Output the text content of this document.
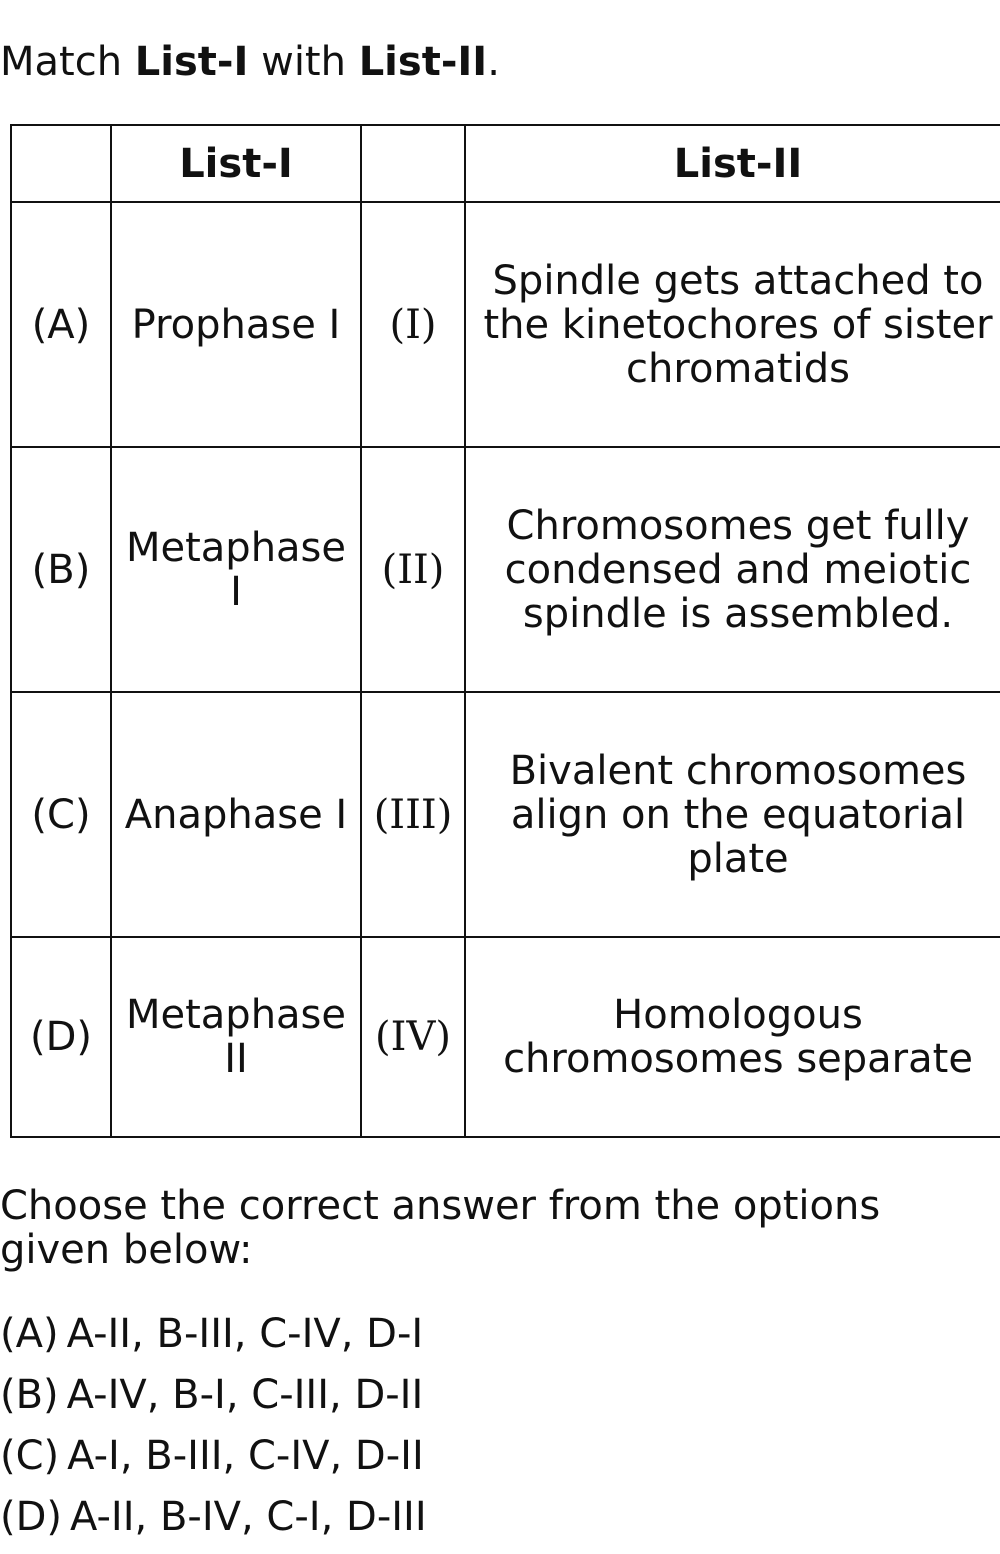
Match List-I with List-II.
	List-I		List-II
(A)	Prophase I	(I)	Spindle gets attached to the kinetochores of sister chromatids
(B)	Metaphase I	(II)	Chromosomes get fully condensed and meiotic spindle is assembled.
(C)	Anaphase I	(III)	Bivalent chromosomes align on the equatorial plate
(D)	Metaphase II	(IV)	Homologous chromosomes separate
Choose the correct answer from the options given below:
(A) A-II, B-III, C-IV, D-I
(B) A-IV, B-I, C-III, D-II
(C) A-I, B-III, C-IV, D-II
(D) A-II, B-IV, C-I, D-III
